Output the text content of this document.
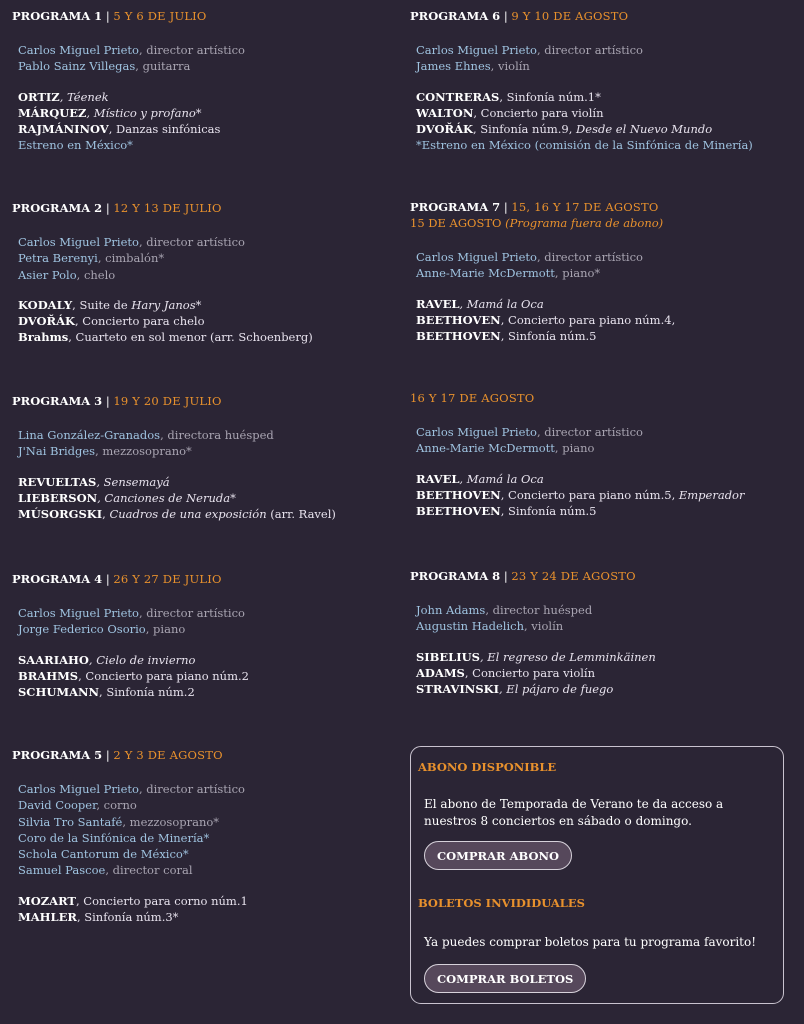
PROGRAMA 1 | 5 Y 6 DE JULIO
Carlos Miguel Prieto, director artístico
Pablo Sainz Villegas, guitarra
ORTIZ, Téenek
MÁRQUEZ, Místico y profano*
RAJMÁNINOV, Danzas sinfónicas
Estreno en México*
PROGRAMA 2 | 12 Y 13 DE JULIO
Carlos Miguel Prieto, director artístico
Petra Berenyi, cimbalón*
Asier Polo, chelo
KODALY, Suite de Hary Janos*
DVOŘÁK, Concierto para chelo
Brahms, Cuarteto en sol menor (arr. Schoenberg)
PROGRAMA 3 | 19 Y 20 DE JULIO
Lina González-Granados, directora huésped
J'Nai Bridges, mezzosoprano*
REVUELTAS, Sensemayá
LIEBERSON, Canciones de Neruda*
MÚSORGSKI, Cuadros de una exposición (arr. Ravel)
PROGRAMA 4 | 26 Y 27 DE JULIO
Carlos Miguel Prieto, director artístico
Jorge Federico Osorio, piano
SAARIAHO, Cielo de invierno
BRAHMS, Concierto para piano núm.2
SCHUMANN, Sinfonía núm.2
PROGRAMA 5 | 2 Y 3 DE AGOSTO
Carlos Miguel Prieto, director artístico
David Cooper, corno
Silvia Tro Santafé, mezzosoprano*
Coro de la Sinfónica de Minería*
Schola Cantorum de México*
Samuel Pascoe, director coral
MOZART, Concierto para corno núm.1
MAHLER, Sinfonía núm.3*
PROGRAMA 6 | 9 Y 10 DE AGOSTO
Carlos Miguel Prieto, director artístico
James Ehnes, violín
CONTRERAS, Sinfonía núm.1*
WALTON, Concierto para violín
DVOŘÁK, Sinfonía núm.9, Desde el Nuevo Mundo
*Estreno en México (comisión de la Sinfónica de Minería)
PROGRAMA 7 | 15, 16 Y 17 DE AGOSTO
15 DE AGOSTO (Programa fuera de abono)
Carlos Miguel Prieto, director artístico
Anne-Marie McDermott, piano*
RAVEL, Mamá la Oca
BEETHOVEN, Concierto para piano núm.4,
BEETHOVEN, Sinfonía núm.5
16 Y 17 DE AGOSTO
Carlos Miguel Prieto, director artístico
Anne-Marie McDermott, piano
RAVEL, Mamá la Oca
BEETHOVEN, Concierto para piano núm.5, Emperador
BEETHOVEN, Sinfonía núm.5
PROGRAMA 8 | 23 Y 24 DE AGOSTO
John Adams, director huésped
Augustin Hadelich, violín
SIBELIUS, El regreso de Lemminkäinen
ADAMS, Concierto para violín
STRAVINSKI, El pájaro de fuego
ABONO DISPONIBLE
El abono de Temporada de Verano te da acceso a nuestros 8 conciertos en sábado o domingo.
COMPRAR ABONO
BOLETOS INVIDIDUALES
Ya puedes comprar boletos para tu programa favorito!
COMPRAR BOLETOS
